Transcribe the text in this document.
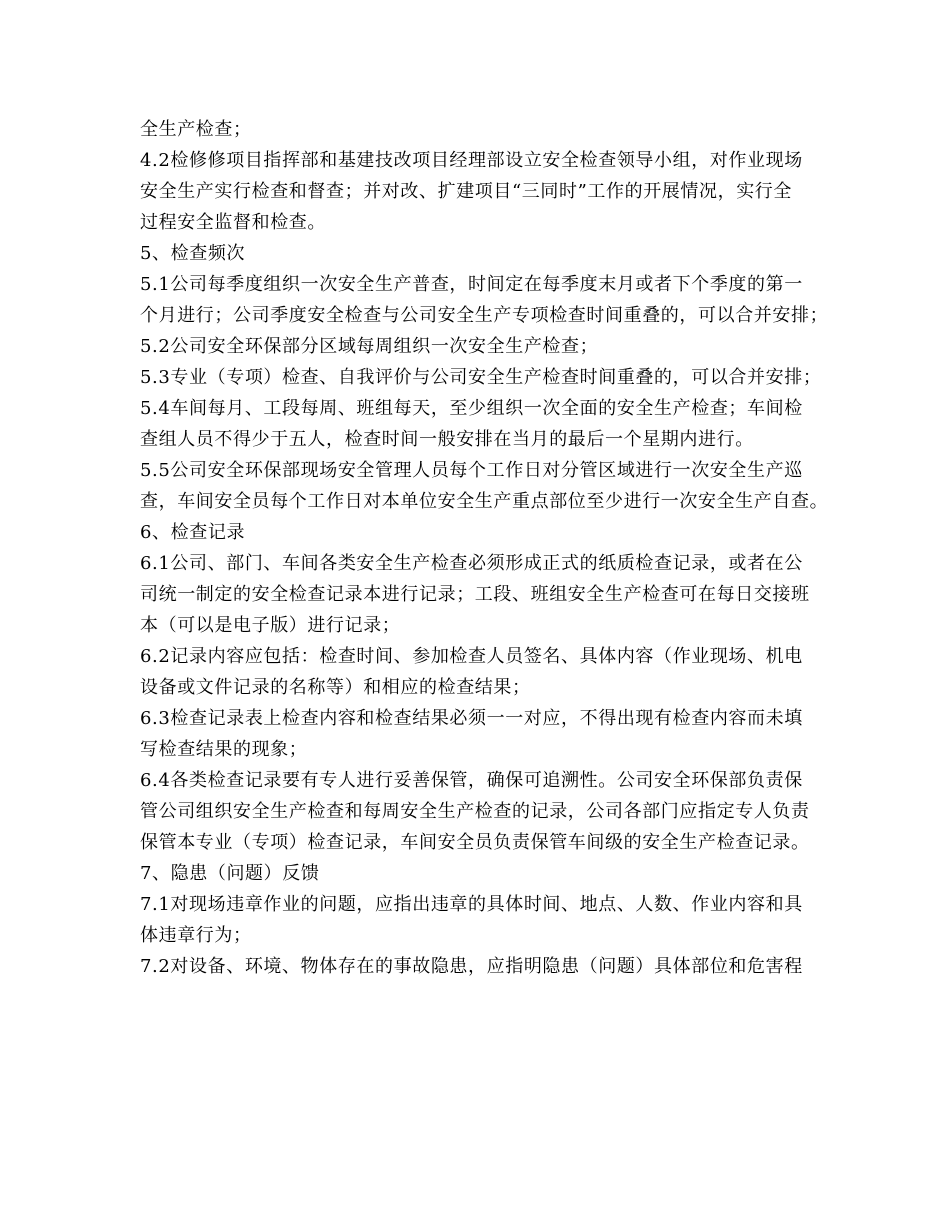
全生产检查；
4.2检修修项目指挥部和基建技改项目经理部设立安全检查领导小组，对作业现场
安全生产实行检查和督查；并对改、扩建项目“三同时”工作的开展情况，实行全
过程安全监督和检查。
5、检查频次
5.1公司每季度组织一次安全生产普查，时间定在每季度末月或者下个季度的第一
个月进行；公司季度安全检查与公司安全生产专项检查时间重叠的，可以合并安排；
5.2公司安全环保部分区域每周组织一次安全生产检查；
5.3专业（专项）检查、自我评价与公司安全生产检查时间重叠的，可以合并安排；
5.4车间每月、工段每周、班组每天，至少组织一次全面的安全生产检查；车间检
查组人员不得少于五人，检查时间一般安排在当月的最后一个星期内进行。
5.5公司安全环保部现场安全管理人员每个工作日对分管区域进行一次安全生产巡
查，车间安全员每个工作日对本单位安全生产重点部位至少进行一次安全生产自查。
6、检查记录
6.1公司、部门、车间各类安全生产检查必须形成正式的纸质检查记录，或者在公
司统一制定的安全检查记录本进行记录；工段、班组安全生产检查可在每日交接班
本（可以是电子版）进行记录；
6.2记录内容应包括：检查时间、参加检查人员签名、具体内容（作业现场、机电
设备或文件记录的名称等）和相应的检查结果；
6.3检查记录表上检查内容和检查结果必须一一对应，不得出现有检查内容而未填
写检查结果的现象；
6.4各类检查记录要有专人进行妥善保管，确保可追溯性。公司安全环保部负责保
管公司组织安全生产检查和每周安全生产检查的记录，公司各部门应指定专人负责
保管本专业（专项）检查记录，车间安全员负责保管车间级的安全生产检查记录。
7、隐患（问题）反馈
7.1对现场违章作业的问题，应指出违章的具体时间、地点、人数、作业内容和具
体违章行为；
7.2对设备、环境、物体存在的事故隐患，应指明隐患（问题）具体部位和危害程
